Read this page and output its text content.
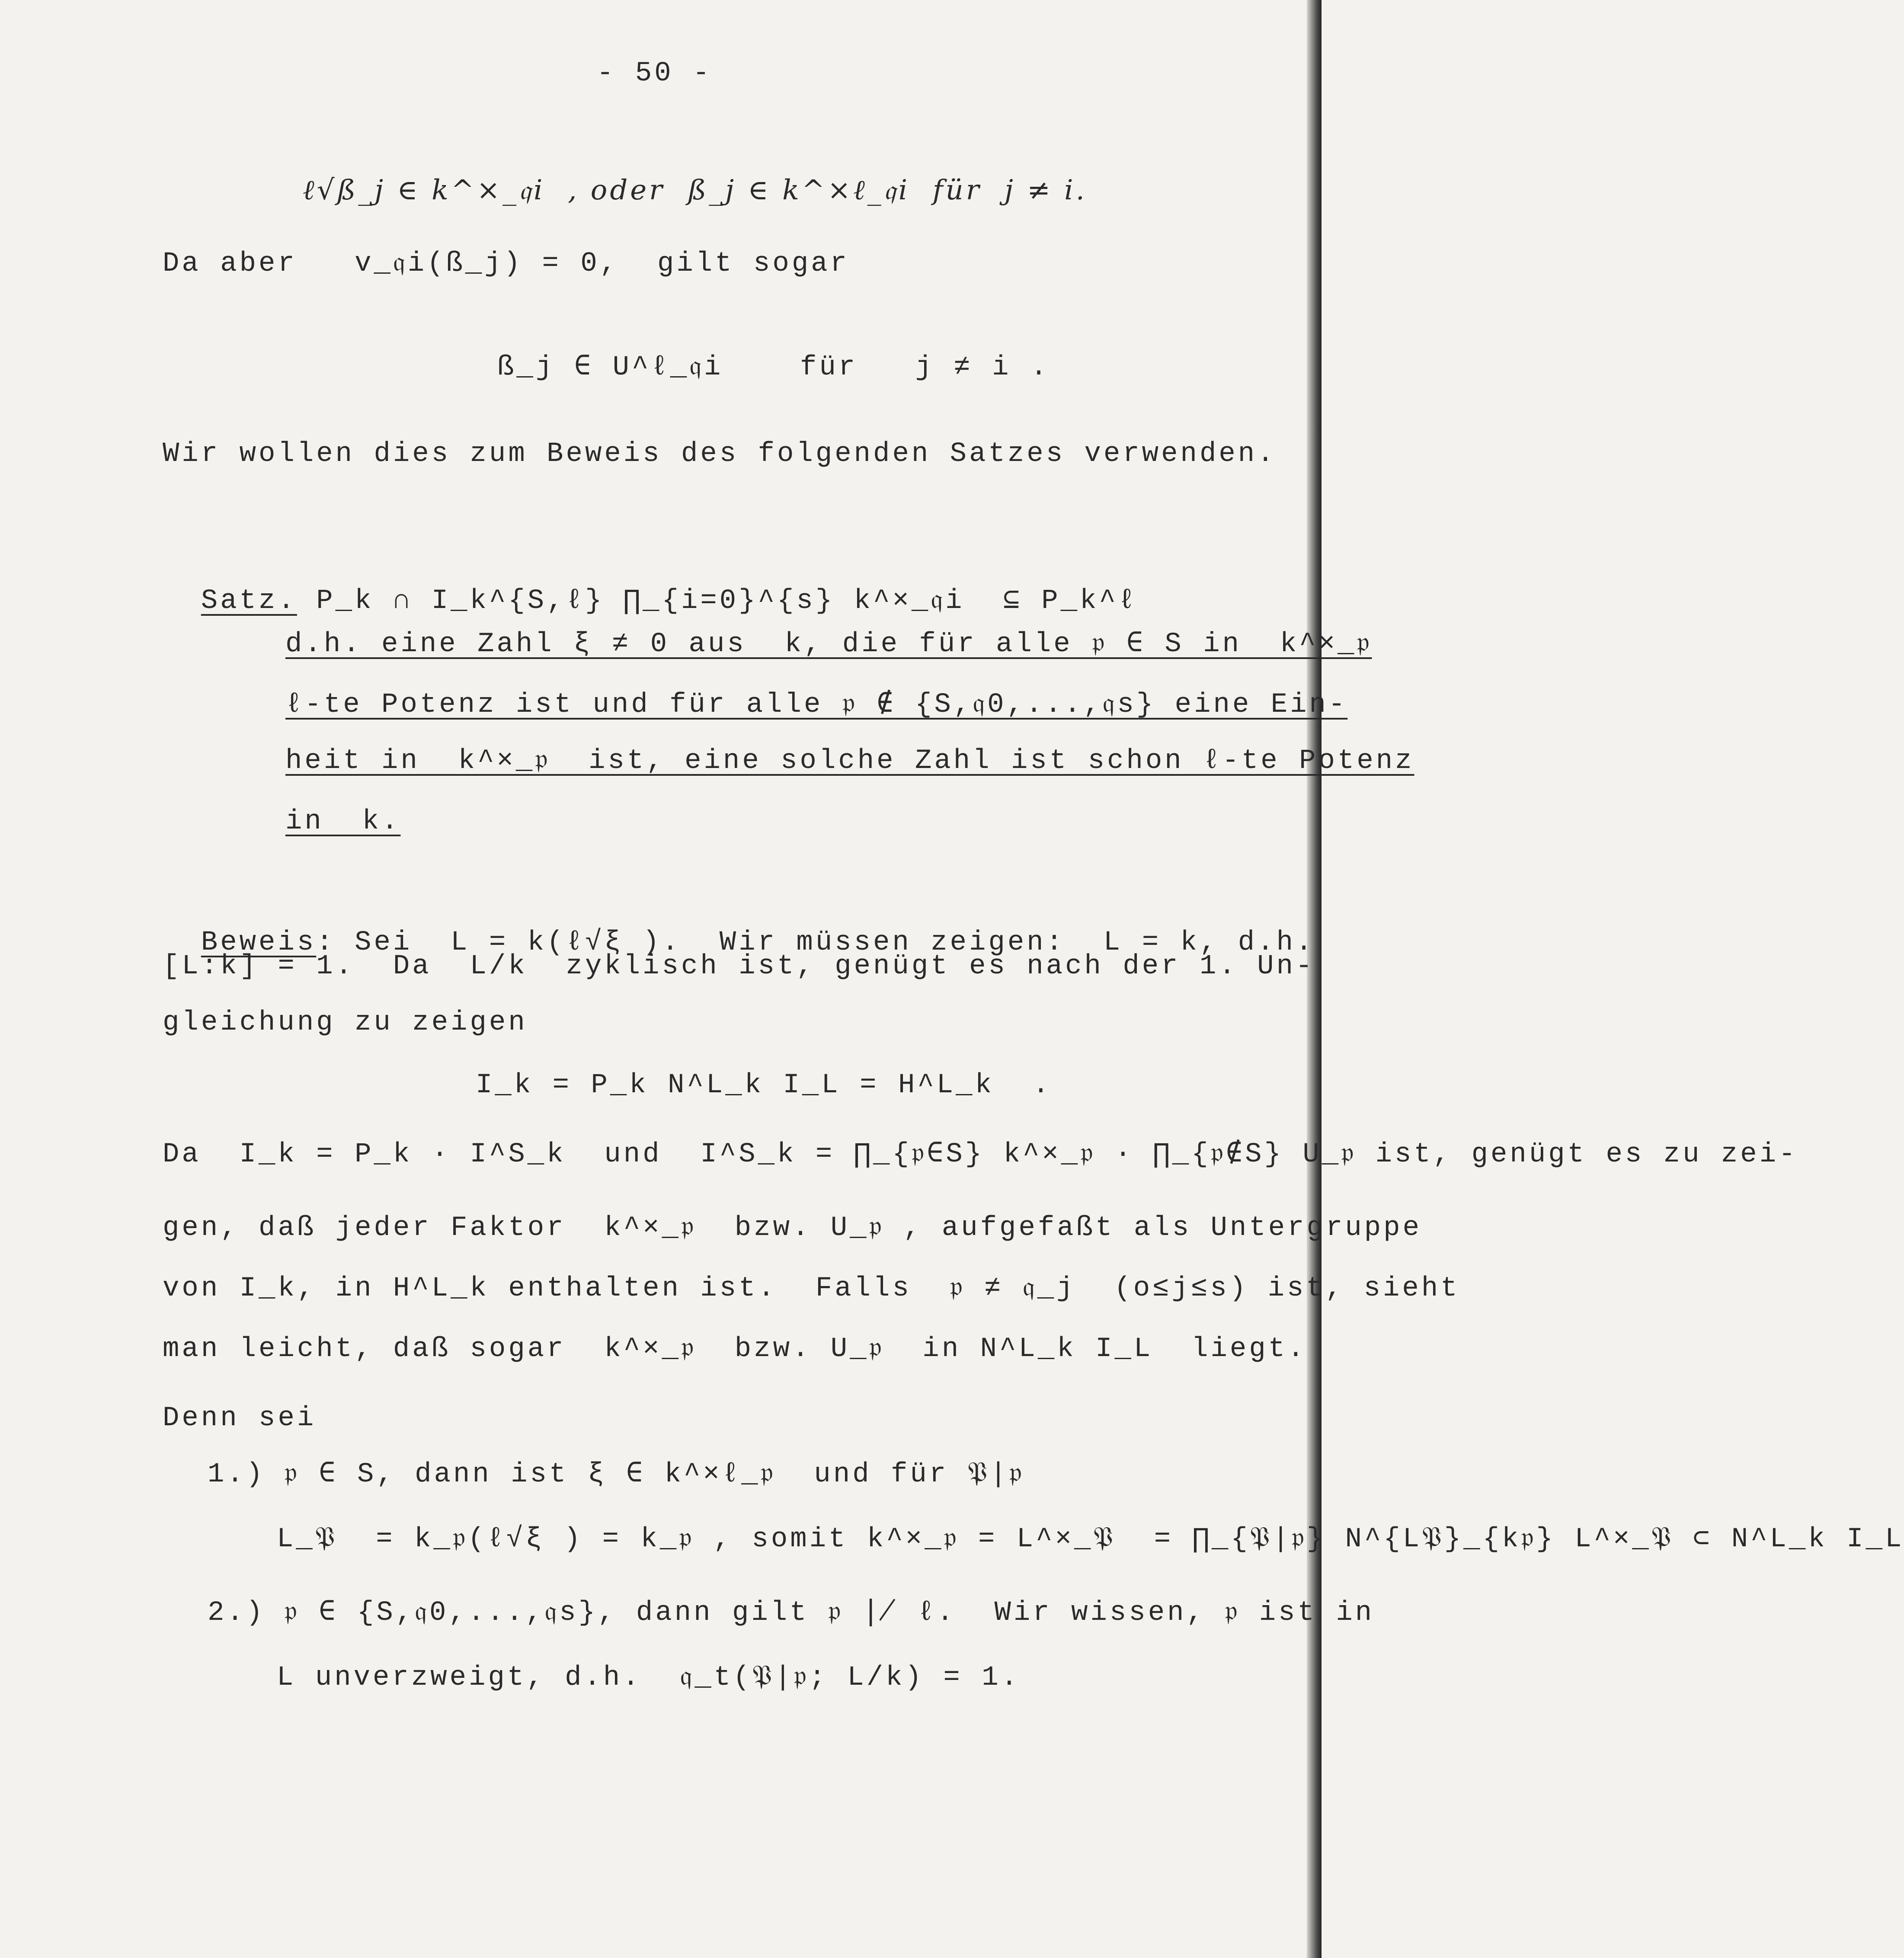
- 50 -
ℓ√ß_j ∈ k^×_𝔮i  , oder  ß_j ∈ k^×ℓ_𝔮i  für  j ≠ i.
Da aber   v_𝔮i(ß_j) = 0,  gilt sogar
ß_j ∈ U^ℓ_𝔮i    für   j ≠ i .
Wir wollen dies zum Beweis des folgenden Satzes verwenden.

Satz. P_k ∩ I_k^{S,ℓ} ∏_{i=0}^{s} k^×_𝔮i  ⊆ P_k^ℓ

d.h. eine Zahl ξ ≠ 0 aus  k, die für alle 𝔭 ∈ S in  k^×_𝔭
ℓ-te Potenz ist und für alle 𝔭 ∉ {S,𝔮0,...,𝔮s} eine Ein-
heit in  k^×_𝔭  ist, eine solche Zahl ist schon ℓ-te Potenz
in  k.

Beweis: Sei  L = k(ℓ√ξ ).  Wir müssen zeigen:  L = k, d.h.

[L:k] = 1.  Da  L/k  zyklisch ist, genügt es nach der 1. Un-
gleichung zu zeigen
I_k = P_k N^L_k I_L = H^L_k  .
Da  I_k = P_k · I^S_k  und  I^S_k = ∏_{𝔭∈S} k^×_𝔭 · ∏_{𝔭∉S} U_𝔭 ist, genügt es zu zei-
gen, daß jeder Faktor  k^×_𝔭  bzw. U_𝔭 , aufgefaßt als Untergruppe
von I_k, in H^L_k enthalten ist.  Falls  𝔭 ≠ 𝔮_j  (o≤j≤s) ist, sieht
man leicht, daß sogar  k^×_𝔭  bzw. U_𝔭  in N^L_k I_L  liegt.
Denn sei
1.) 𝔭 ∈ S, dann ist ξ ∈ k^×ℓ_𝔭  und für 𝔓|𝔭
L_𝔓  = k_𝔭(ℓ√ξ ) = k_𝔭 , somit k^×_𝔭 = L^×_𝔓  = ∏_{𝔓|𝔭} N^{L𝔓}_{k𝔭} L^×_𝔓 ⊂ N^L_k I_L
2.) 𝔭 ∈ {S,𝔮0,...,𝔮s}, dann gilt 𝔭 ∤ ℓ.  Wir wissen, 𝔭 ist in
L unverzweigt, d.h.  𝔮_t(𝔓|𝔭; L/k) = 1.
